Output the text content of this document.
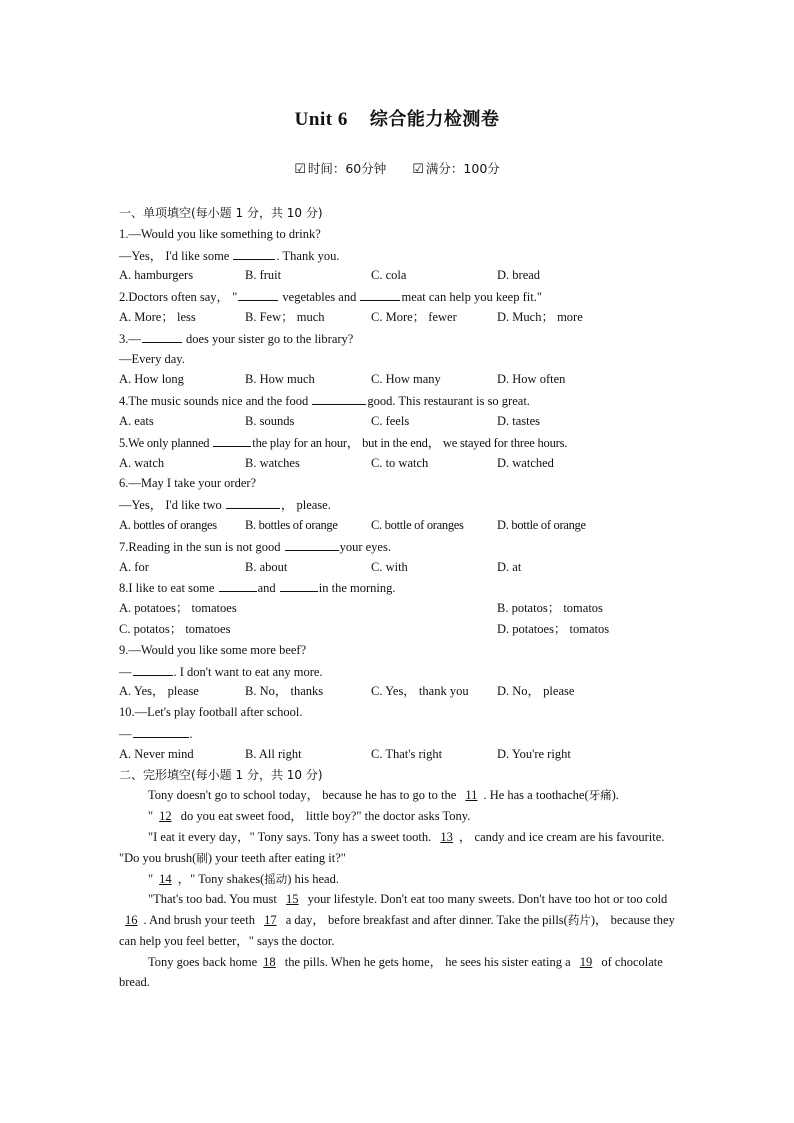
Unit 6 综合能力检测卷
☑ 时间：60分钟 ☑ 满分：100分
一、单项填空(每小题 1 分，共 10 分)
1.—Would you like something to drink?
—Yes， I'd like some	. Thank you.
A. hamburgers	B. fruit	C. cola	D. bread
2.Doctors often say， "	vegetables and	meat can help you keep fit."
A. More； less	B. Few； much	C. More； fewer	D. Much； more
3.—	does your sister go to the library?
—Every day.
A. How long	B. How much	C. How many	D. How often
4.The music sounds nice and the food	good. This restaurant is so great.
A. eats	B. sounds	C. feels	D. tastes
5.We only planned	the play for an hour， but in the end， we stayed for three hours.
A. watch	B. watches	C. to watch	D. watched
6.—May I take your order?
—Yes， I'd like two	， please.
A. bottles of oranges	B. bottles of orange	C. bottle of oranges	D. bottle of orange
7.Reading in the sun is not good	your eyes.
A. for	B. about	C. with	D. at
8.I like to eat some	and	in the morning.
A. potatoes； tomatoes	B. potatos； tomatos
C. potatos； tomatoes	D. potatoes； tomatos
9.—Would you like some more beef?
—	. I don't want to eat any more.
A. Yes， please	B. No， thanks	C. Yes， thank you	D. No， please
10.—Let's play football after school.
—	.
A. Never mind	B. All right	C. That's right	D. You're right
二、完形填空(每小题 1 分，共 10 分)
Tony doesn't go to school today， because he has to go to the 11 . He has a toothache(牙痛).
" 12 do you eat sweet food， little boy?" the doctor asks Tony.
"I eat it every day，" Tony says. Tony has a sweet tooth. 13 ， candy and ice cream are his favourite. "Do you brush(刷) your teeth after eating it?"
" 14 ，" Tony shakes(摇动) his head.
"That's too bad. You must 15 your lifestyle. Don't eat too many sweets. Don't have too hot or too cold 16 . And brush your teeth 17 a day， before breakfast and after dinner. Take the pills(药片)， because they can help you feel better，" says the doctor.
Tony goes back home 18 the pills. When he gets home， he sees his sister eating a 19 of chocolate bread.
